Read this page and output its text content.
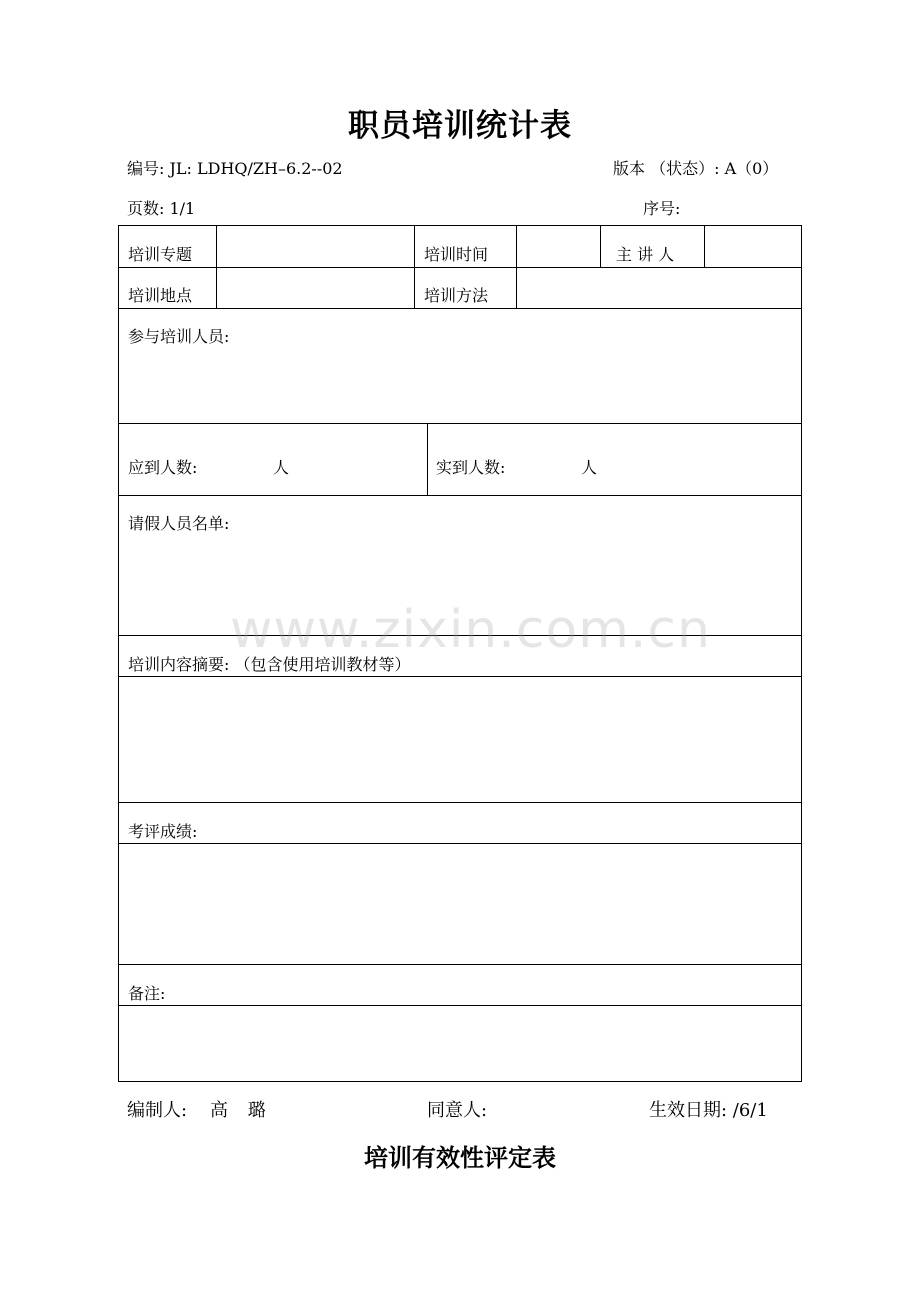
职员培训统计表
编号: JL: LDHQ/ZH–6.2--02	版本 （状态）: A（0）
页数: 1/1	序号:
培训专题	培训时间	主 讲 人
培训地点	培训方法
参与培训人员:
应到人数:	人	实到人数:	人
请假人员名单:
培训内容摘要: （包含使用培训教材等）
考评成绩:
备注:
www.zixin.com.cn
编制人: 高 璐	同意人:	生效日期: /6/1
培训有效性评定表
